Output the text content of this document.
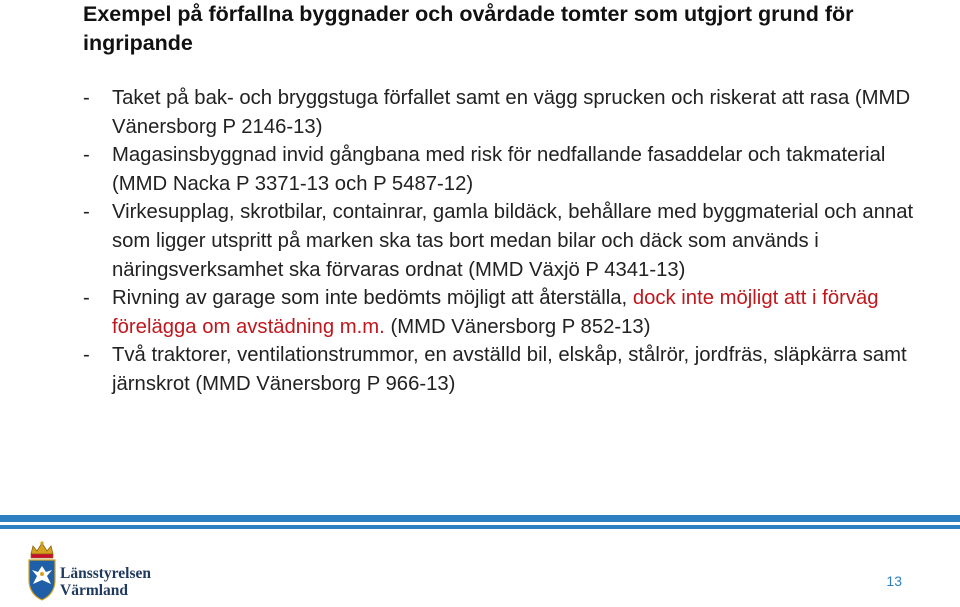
Exempel på förfallna byggnader och ovårdade tomter som utgjort grund för ingripande
- Taket på bak- och bryggstuga förfallet samt en vägg sprucken och riskerat att rasa (MMD Vänersborg P 2146-13)
- Magasinsbyggnad invid gångbana med risk för nedfallande fasaddelar och takmaterial (MMD Nacka P 3371-13 och P 5487-12)
- Virkesupplag, skrotbilar, containrar, gamla bildäck, behållare med byggmaterial och annat som ligger utspritt på marken ska tas bort medan bilar och däck som används i näringsverksamhet ska förvaras ordnat (MMD Växjö P 4341-13)
- Rivning av garage som inte bedömts möjligt att återställa, dock inte möjligt att i förväg förelägga om avstädning m.m. (MMD Vänersborg P 852-13)
- Två traktorer, ventilationstrummor, en avställd bil, elskåp, stålrör, jordfräs, släpkärra samt järnskrot (MMD Vänersborg P 966-13)
Länsstyrelsen
Värmland
13
